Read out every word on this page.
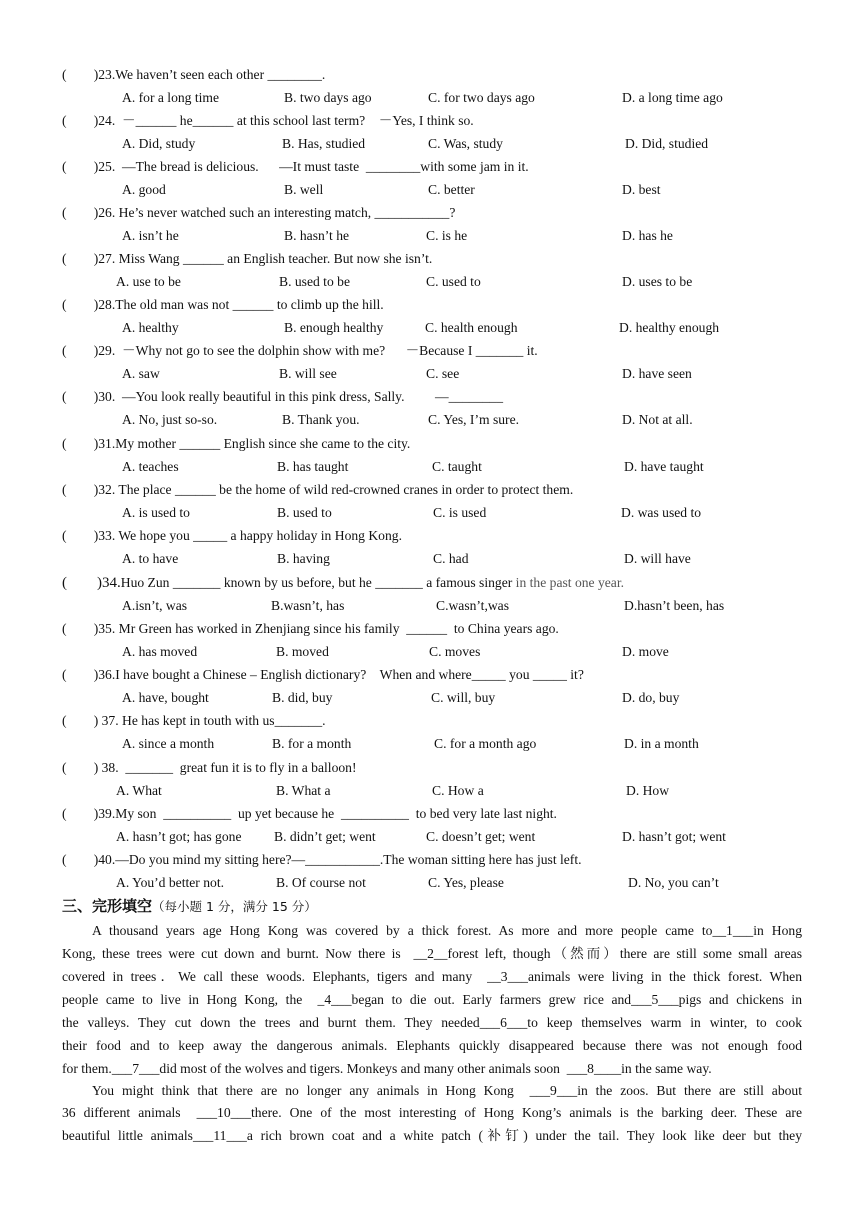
(        )23.We haven’t seen each other ________.
A. for a long time	B. two days ago	C. for two days ago	D. a long time ago
(        )24.  －______ he______ at this school last term?    －Yes, I think so.
A. Did, study	B. Has, studied	C. Was, study	D. Did, studied
(        )25.  —The bread is delicious.      —It must taste  ________with some jam in it.
A. good	B. well	C. better	D. best
(        )26. He’s never watched such an interesting match, ___________?
A. isn’t he	B. hasn’t he	C. is he	D. has he
(        )27. Miss Wang ______ an English teacher. But now she isn’t.
A. use to be	B. used to be	C. used to	D. uses to be
(        )28.The old man was not ______ to climb up the hill.
A. healthy	B. enough healthy	C. health enough	D. healthy enough
(        )29.  －Why not go to see the dolphin show with me?      －Because I _______ it.
A. saw	B. will see	C. see	D. have seen
(        )30.  —You look really beautiful in this pink dress, Sally.         —________
A. No, just so-so.	B. Thank you.	C. Yes, I’m sure.	D. Not at all.
(        )31.My mother ______ English since she came to the city.
A. teaches	B. has taught	C. taught	D. have taught
(        )32. The place ______ be the home of wild red-crowned cranes in order to protect them.
A. is used to	B. used to	C. is used	D. was used to
(        )33. We hope you _____ a happy holiday in Hong Kong.
A. to have	B. having	C. had	D. will have
(        )34.Huo Zun _______ known by us before, but he _______ a famous singer in the past one year.
A.isn’t, was	B.wasn’t, has	C.wasn’t,was	D.hasn’t been, has
(        )35. Mr Green has worked in Zhenjiang since his family  ______  to China years ago.
A. has moved	B. moved	C. moves	D. move
(        )36.I have bought a Chinese – English dictionary?    When and where_____ you _____ it?
A. have, bought	B. did, buy	C. will, buy	D. do, buy
(        ) 37. He has kept in touth with us_______.
A. since a month	B. for a month	C. for a month ago	D. in a month
(        ) 38.  _______  great fun it is to fly in a balloon!
A. What	B. What a	C. How a	D. How
(        )39.My son  __________  up yet because he  __________  to bed very late last night.
A. hasn’t got; has gone B. didn’t get; went	C. doesn’t get; went	D. hasn’t got; went
(        )40.—Do you mind my sitting here?—___________.The woman sitting here has just left.
A. You’d better not.	B. Of course not	C. Yes, please	D. No, you can’t
三、完形填空（每小题 1 分，满分 15 分）
A thousand years age Hong Kong was covered by a thick forest. As more and more people came to__1___in Hong
Kong, these trees were cut down and burnt. Now there is  __2__forest left, though（然而）there are still some small areas
covered in trees．We call these woods. Elephants, tigers and many  __3___animals were living in the thick forest. When
people came to live in Hong Kong, the  _4___began to die out. Early farmers grew rice and___5___pigs and chickens in
the valleys. They cut down the trees and burnt them. They needed___6___to keep themselves warm in winter, to cook
their food and to keep away the dangerous animals. Elephants quickly disappeared because there was not enough food
for them.___7___did most of the wolves and tigers. Monkeys and many other animals soon  ___8____in the same way.
You might think that there are no longer any animals in Hong Kong  ___9___in the zoos. But there are still about
36 different animals  ___10___there. One of the most interesting of Hong Kong’s animals is the barking deer. These are
beautiful little animals___11___a rich brown coat and a white patch (补钉) under the tail. They look like deer but they
